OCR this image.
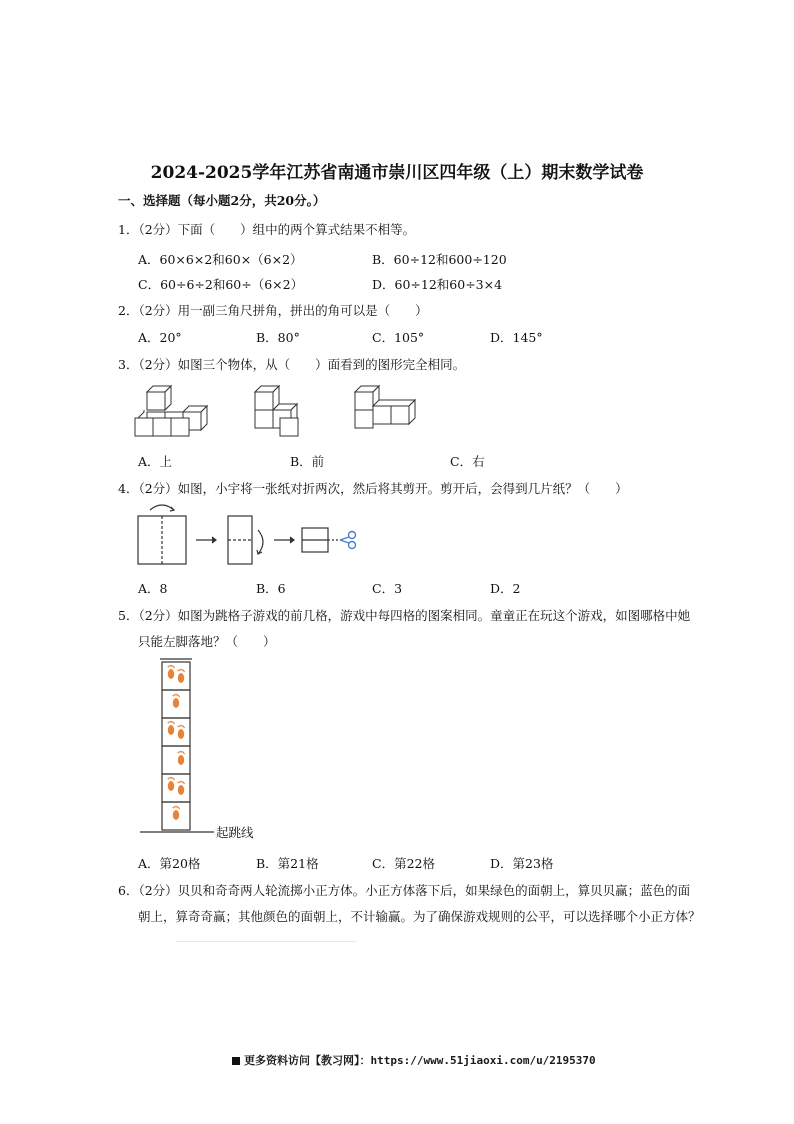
2024-2025学年江苏省南通市崇川区四年级（上）期末数学试卷
一、选择题（每小题2分，共20分。）
1．（2分）下面（　　）组中的两个算式结果不相等。
A．60×6×2和60×（6×2）	B．60÷12和600÷120
C．60÷6÷2和60÷（6×2）	D．60÷12和60÷3×4
2．（2分）用一副三角尺拼角，拼出的角可以是（　　）
A．20°	B．80°	C．105°	D．145°
3．（2分）如图三个物体，从（　　）面看到的图形完全相同。
A．上	B．前	C．右
4．（2分）如图，小宇将一张纸对折两次，然后将其剪开。剪开后，会得到几片纸？（　　）
A．8	B．6	C．3	D．2
5．（2分）如图为跳格子游戏的前几格，游戏中每四格的图案相同。童童正在玩这个游戏，如图哪格中她
只能左脚落地？（　　）
起跳线
A．第20格	B．第21格	C．第22格	D．第23格
6．（2分）贝贝和奇奇两人轮流掷小正方体。小正方体落下后，如果绿色的面朝上，算贝贝赢；蓝色的面
朝上，算奇奇赢；其他颜色的面朝上，不计输赢。为了确保游戏规则的公平，可以选择哪个小正方体？
更多资料访问【教习网】：https://www.51jiaoxi.com/u/2195370
